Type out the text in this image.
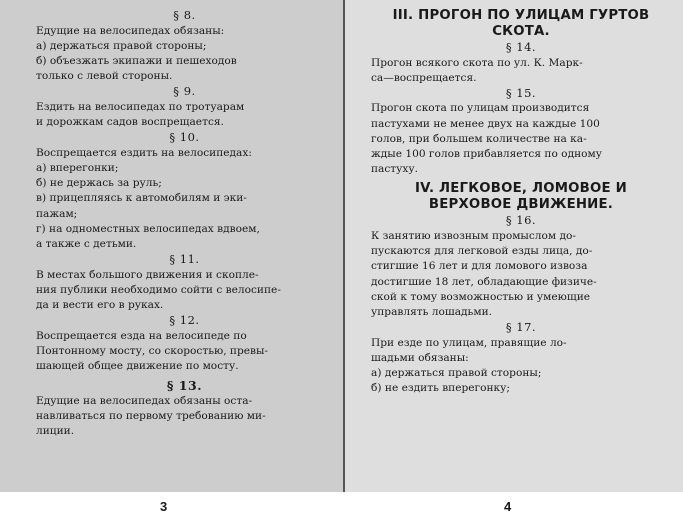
§ 8.
Едущие на велосипедах обязаны:
а) держаться правой стороны;
б) объезжать экипажи и пешеходов
только с левой стороны.
§ 9.
Ездить на велосипедах по тротуарам
и дорожкам садов воспрещается.
§ 10.
Воспрещается ездить на велосипедах:
а) вперегонки;
б) не держась за руль;
в) прицепляясь к автомобилям и эки-
пажам;
г) на одноместных велосипедах вдвоем,
а также с детьми.
§ 11.
В местах большого движения и скопле-
ния публики необходимо сойти с велосипе-
да и вести его в руках.
§ 12.
Воспрещается езда на велосипеде по
Понтонному мосту, со скоростью, превы-
шающей общее движение по мосту.
§ 13.
Едущие на велосипедах обязаны оста-
навливаться по первому требованию ми-
лиции.
III. ПРОГОН ПО УЛИЦАМ ГУРТОВ
СКОТА.
§ 14.
Прогон всякого скота по ул. К. Марк-
са—воспрещается.
§ 15.
Прогон скота по улицам производится
пастухами не менее двух на каждые 100
голов, при большем количестве на ка-
ждые 100 голов прибавляется по одному
пастуху.
IV. ЛЕГКОВОЕ, ЛОМОВОЕ И
ВЕРХОВОЕ ДВИЖЕНИЕ.
§ 16.
К занятию извозным промыслом до-
пускаются для легковой езды лица, до-
стигшие 16 лет и для ломового извоза
достигшие 18 лет, обладающие физиче-
ской к тому возможностью и умеющие
управлять лошадьми.
§ 17.
При езде по улицам, правящие ло-
шадьми обязаны:
а) держаться правой стороны;
б) не ездить вперегонку;
3	4
